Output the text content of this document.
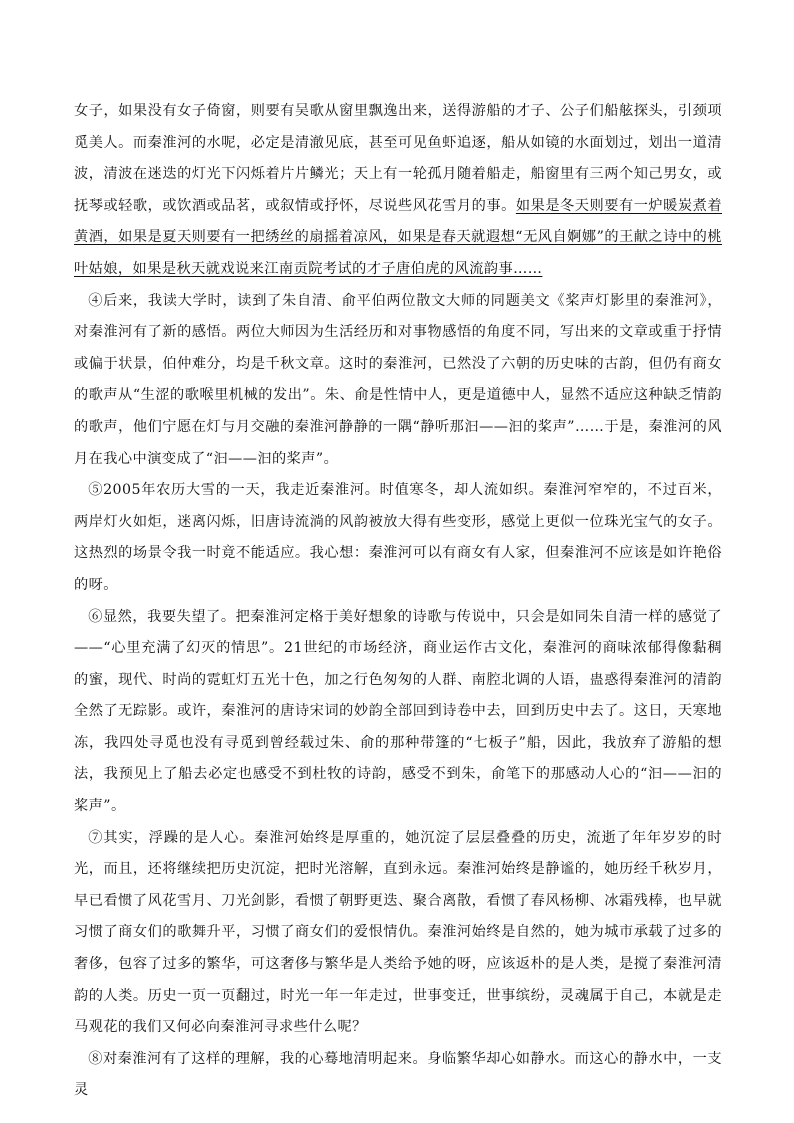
女子，如果没有女子倚窗，则要有吴歌从窗里飘逸出来，送得游船的才子、公子们船舷探头，引颈项觅美人。而秦淮河的水呢，必定是清澈见底，甚至可见鱼虾追逐，船从如镜的水面划过，划出一道清波，清波在迷迭的灯光下闪烁着片片鳞光；天上有一轮孤月随着船走，船窗里有三两个知己男女，或抚琴或轻歌，或饮酒或品茗，或叙情或抒怀，尽说些风花雪月的事。如果是冬天则要有一炉暖炭煮着黄酒，如果是夏天则要有一把绣丝的扇摇着凉风，如果是春天就遐想“无风自婀娜”的王献之诗中的桃叶姑娘，如果是秋天就戏说来江南贡院考试的才子唐伯虎的风流韵事……

④后来，我读大学时，读到了朱自清、俞平伯两位散文大师的同题美文《桨声灯影里的秦淮河》，对秦淮河有了新的感悟。两位大师因为生活经历和对事物感悟的角度不同，写出来的文章或重于抒情或偏于状景，伯仲难分，均是千秋文章。这时的秦淮河，已然没了六朝的历史味的古韵，但仍有商女的歌声从“生涩的歌喉里机械的发出”。朱、俞是性情中人，更是道德中人，显然不适应这种缺乏情韵的歌声，他们宁愿在灯与月交融的秦淮河静静的一隅“静听那汩——汩的桨声”……于是，秦淮河的风月在我心中演变成了“汩——汩的桨声”。

⑤2005年农历大雪的一天，我走近秦淮河。时值寒冬，却人流如织。秦淮河窄窄的，不过百米，两岸灯火如炬，迷离闪烁，旧唐诗流淌的风韵被放大得有些变形，感觉上更似一位珠光宝气的女子。这热烈的场景令我一时竟不能适应。我心想：秦淮河可以有商女有人家，但秦淮河不应该是如许艳俗的呀。

⑥显然，我要失望了。把秦淮河定格于美好想象的诗歌与传说中，只会是如同朱自清一样的感觉了——“心里充满了幻灭的情思”。21世纪的市场经济，商业运作古文化，秦淮河的商味浓郁得像黏稠的蜜，现代、时尚的霓虹灯五光十色，加之行色匆匆的人群、南腔北调的人语，蛊惑得秦淮河的清韵全然了无踪影。或许，秦淮河的唐诗宋词的妙韵全部回到诗卷中去，回到历史中去了。这日，天寒地冻，我四处寻觅也没有寻觅到曾经载过朱、俞的那种带篷的“七板子”船，因此，我放弃了游船的想法，我预见上了船去必定也感受不到杜牧的诗韵，感受不到朱，俞笔下的那感动人心的“汩——汩的桨声”。

⑦其实，浮躁的是人心。秦淮河始终是厚重的，她沉淀了层层叠叠的历史，流逝了年年岁岁的时光，而且，还将继续把历史沉淀，把时光溶解，直到永远。秦淮河始终是静谧的，她历经千秋岁月，早已看惯了风花雪月、刀光剑影，看惯了朝野更迭、聚合离散，看惯了春风杨柳、冰霜残棒，也早就习惯了商女们的歌舞升平，习惯了商女们的爱恨情仇。秦淮河始终是自然的，她为城市承载了过多的奢侈，包容了过多的繁华，可这奢侈与繁华是人类给予她的呀，应该返朴的是人类，是搅了秦淮河清韵的人类。历史一页一页翻过，时光一年一年走过，世事变迁，世事缤纷，灵魂属于自己，本就是走马观花的我们又何必向秦淮河寻求些什么呢？

⑧对秦淮河有了这样的理解，我的心蓦地清明起来。身临繁华却心如静水。而这心的静水中，一支灵
